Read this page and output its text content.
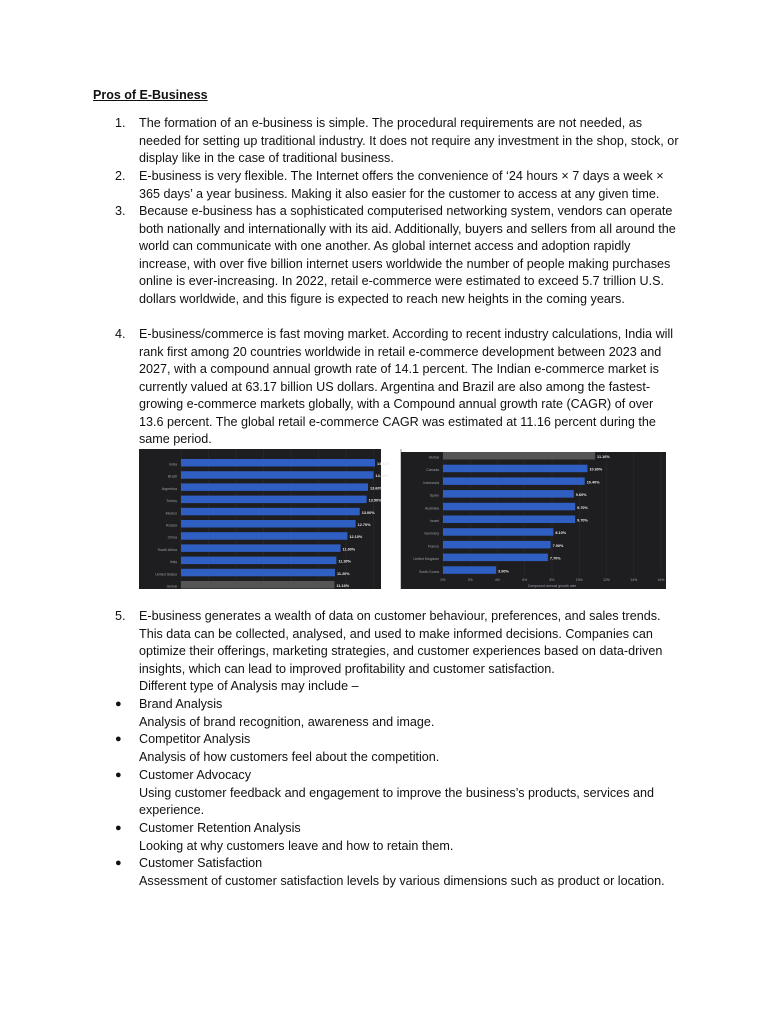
Pros of E-Business
1. The formation of an e-business is simple. The procedural requirements are not needed, as needed for setting up traditional industry. It does not require any investment in the shop, stock, or display like in the case of traditional business.
2. E-business is very flexible. The Internet offers the convenience of ‘24 hours × 7 days a week × 365 days’ a year business. Making it also easier for the customer to access at any given time.
3. Because e-business has a sophisticated computerised networking system, vendors can operate both nationally and internationally with its aid. Additionally, buyers and sellers from all around the world can communicate with one another. As global internet access and adoption rapidly increase, with over five billion internet users worldwide the number of people making purchases online is ever-increasing. In 2022, retail e-commerce were estimated to exceed 5.7 trillion U.S. dollars worldwide, and this figure is expected to reach new heights in the coming years.
4. E-business/commerce is fast moving market. According to recent industry calculations, India will rank first among 20 countries worldwide in retail e-commerce development between 2023 and 2027, with a compound annual growth rate of 14.1 percent. The Indian e-commerce market is currently valued at 63.17 billion US dollars. Argentina and Brazil are also among the fastest-growing e-commerce markets globally, with a Compound annual growth rate (CAGR) of over 13.6 percent. The global retail e-commerce CAGR was estimated at 11.16 percent during the same period.
India	14.11%
Brazil	14.00%
Argentina	13.60%
Turkey	13.50%
Mexico	13.00%
Russia	12.70%
China	12.10%
South Africa	11.60%
Italy	11.30%
United States	11.20%
Global	11.16%
Global	11.16%
Canada	10.60%
Indonesia	10.40%
Spain	9.60%
Australia	9.70%
Israel	9.70%
Germany	8.10%
France	7.90%
United Kingdom	7.70%
South Korea	3.90%
0%	2%	4%	6%	8%	10%	12%	14%	16%
Compound annual growth rate
5. E-business generates a wealth of data on customer behaviour, preferences, and sales trends. This data can be collected, analysed, and used to make informed decisions. Companies can optimize their offerings, marketing strategies, and customer experiences based on data-driven insights, which can lead to improved profitability and customer satisfaction.
Different type of Analysis may include –
● Brand Analysis
Analysis of brand recognition, awareness and image.
● Competitor Analysis
Analysis of how customers feel about the competition.
● Customer Advocacy
Using customer feedback and engagement to improve the business’s products, services and experience.
● Customer Retention Analysis
Looking at why customers leave and how to retain them.
● Customer Satisfaction
Assessment of customer satisfaction levels by various dimensions such as product or location.
